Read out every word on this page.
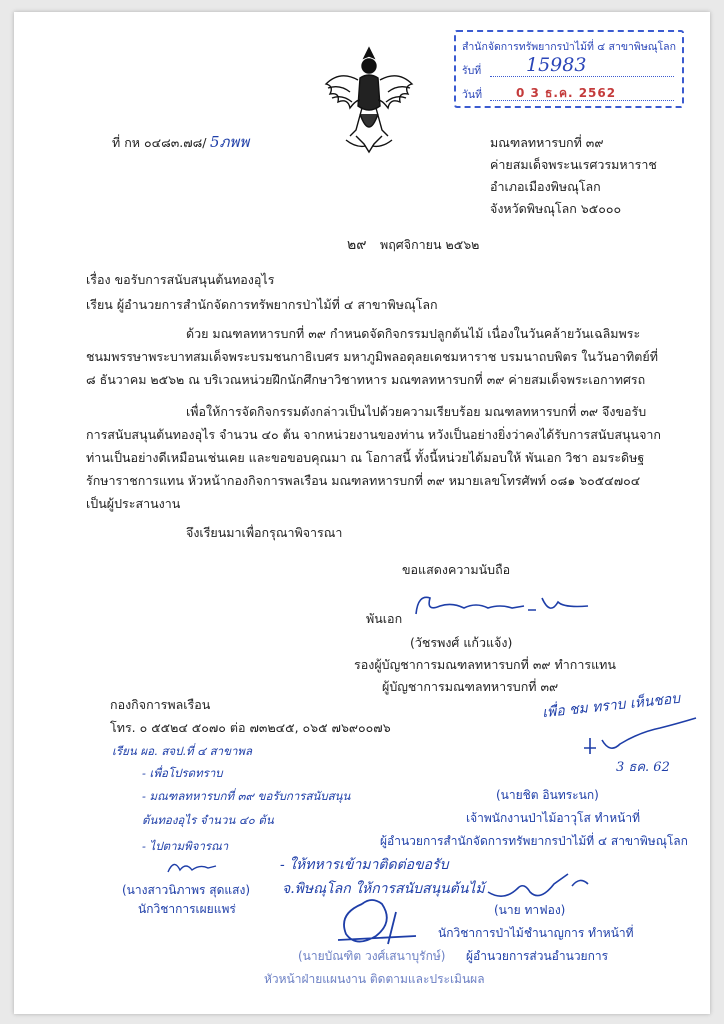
สำนักจัดการทรัพยากรป่าไม้ที่ ๔ สาขาพิษณุโลก
รับที่ 15983
วันที่	0 3 ธ.ค. 2562
ที่ กห ๐๔๘๓.๗๘/ 5ภพพ	มณฑลทหารบกที่ ๓๙
ค่ายสมเด็จพระนเรศวรมหาราช
อำเภอเมืองพิษณุโลก
จังหวัดพิษณุโลก ๖๕๐๐๐
๒๙ พฤศจิกายน ๒๕๖๒
เรื่อง ขอรับการสนับสนุนต้นทองอุไร
เรียน ผู้อำนวยการสำนักจัดการทรัพยากรป่าไม้ที่ ๔ สาขาพิษณุโลก
ด้วย มณฑลทหารบกที่ ๓๙ กำหนดจัดกิจกรรมปลูกต้นไม้ เนื่องในวันคล้ายวันเฉลิมพระ
ชนมพรรษาพระบาทสมเด็จพระบรมชนกาธิเบศร มหาภูมิพลอดุลยเดชมหาราช บรมนาถบพิตร ในวันอาทิตย์ที่
๘ ธันวาคม ๒๕๖๒ ณ บริเวณหน่วยฝึกนักศึกษาวิชาทหาร มณฑลทหารบกที่ ๓๙ ค่ายสมเด็จพระเอกาทศรถ
เพื่อให้การจัดกิจกรรมดังกล่าวเป็นไปด้วยความเรียบร้อย มณฑลทหารบกที่ ๓๙ จึงขอรับ
การสนับสนุนต้นทองอุไร จำนวน ๔๐ ต้น จากหน่วยงานของท่าน หวังเป็นอย่างยิ่งว่าคงได้รับการสนับสนุนจาก
ท่านเป็นอย่างดีเหมือนเช่นเคย และขอขอบคุณมา ณ โอกาสนี้ ทั้งนี้หน่วยได้มอบให้ พันเอก วิชา อมระดิษฐ
รักษาราชการแทน หัวหน้ากองกิจการพลเรือน มณฑลทหารบกที่ ๓๙ หมายเลขโทรศัพท์ ๐๘๑ ๖๐๕๔๗๐๔
เป็นผู้ประสานงาน
จึงเรียนมาเพื่อกรุณาพิจารณา
ขอแสดงความนับถือ
พันเอก
(วัชรพงศ์ แก้วแจ้ง)
รองผู้บัญชาการมณฑลทหารบกที่ ๓๙ ทำการแทน
ผู้บัญชาการมณฑลทหารบกที่ ๓๙
กองกิจการพลเรือน
โทร. ๐ ๕๕๒๔ ๕๐๗๐ ต่อ ๗๓๒๔๕, ๐๖๕ ๗๖๙๐๐๗๖
เรียน ผอ. สจป.ที่ ๔ สาขาพล
- เพื่อโปรดทราบ
- มณฑลทหารบกที่ ๓๙ ขอรับการสนับสนุน
ต้นทองอุไร จำนวน ๔๐ ต้น
- ไปตามพิจารณา
(นางสาวนิภาพร สุดแสง)
นักวิชาการเผยแพร่
เพื่อ ชม ทราบ เห็นชอบ
3 ธค. 62
(นายชิต อินทระนก)
เจ้าพนักงานป่าไม้อาวุโส ทำหน้าที่
ผู้อำนวยการสำนักจัดการทรัพยากรป่าไม้ที่ ๔ สาขาพิษณุโลก
- ให้ทหารเข้ามาติดต่อขอรับ
จ.พิษณุโลก ให้การสนับสนุนต้นไม้
(นาย ทาฟอง)
นักวิชาการป่าไม้ชำนาญการ ทำหน้าที่
ผู้อำนวยการส่วนอำนวยการ
(นายบัณฑิต วงศ์เสนาบุรักษ์)
หัวหน้าฝ่ายแผนงาน ติดตามและประเมินผล
